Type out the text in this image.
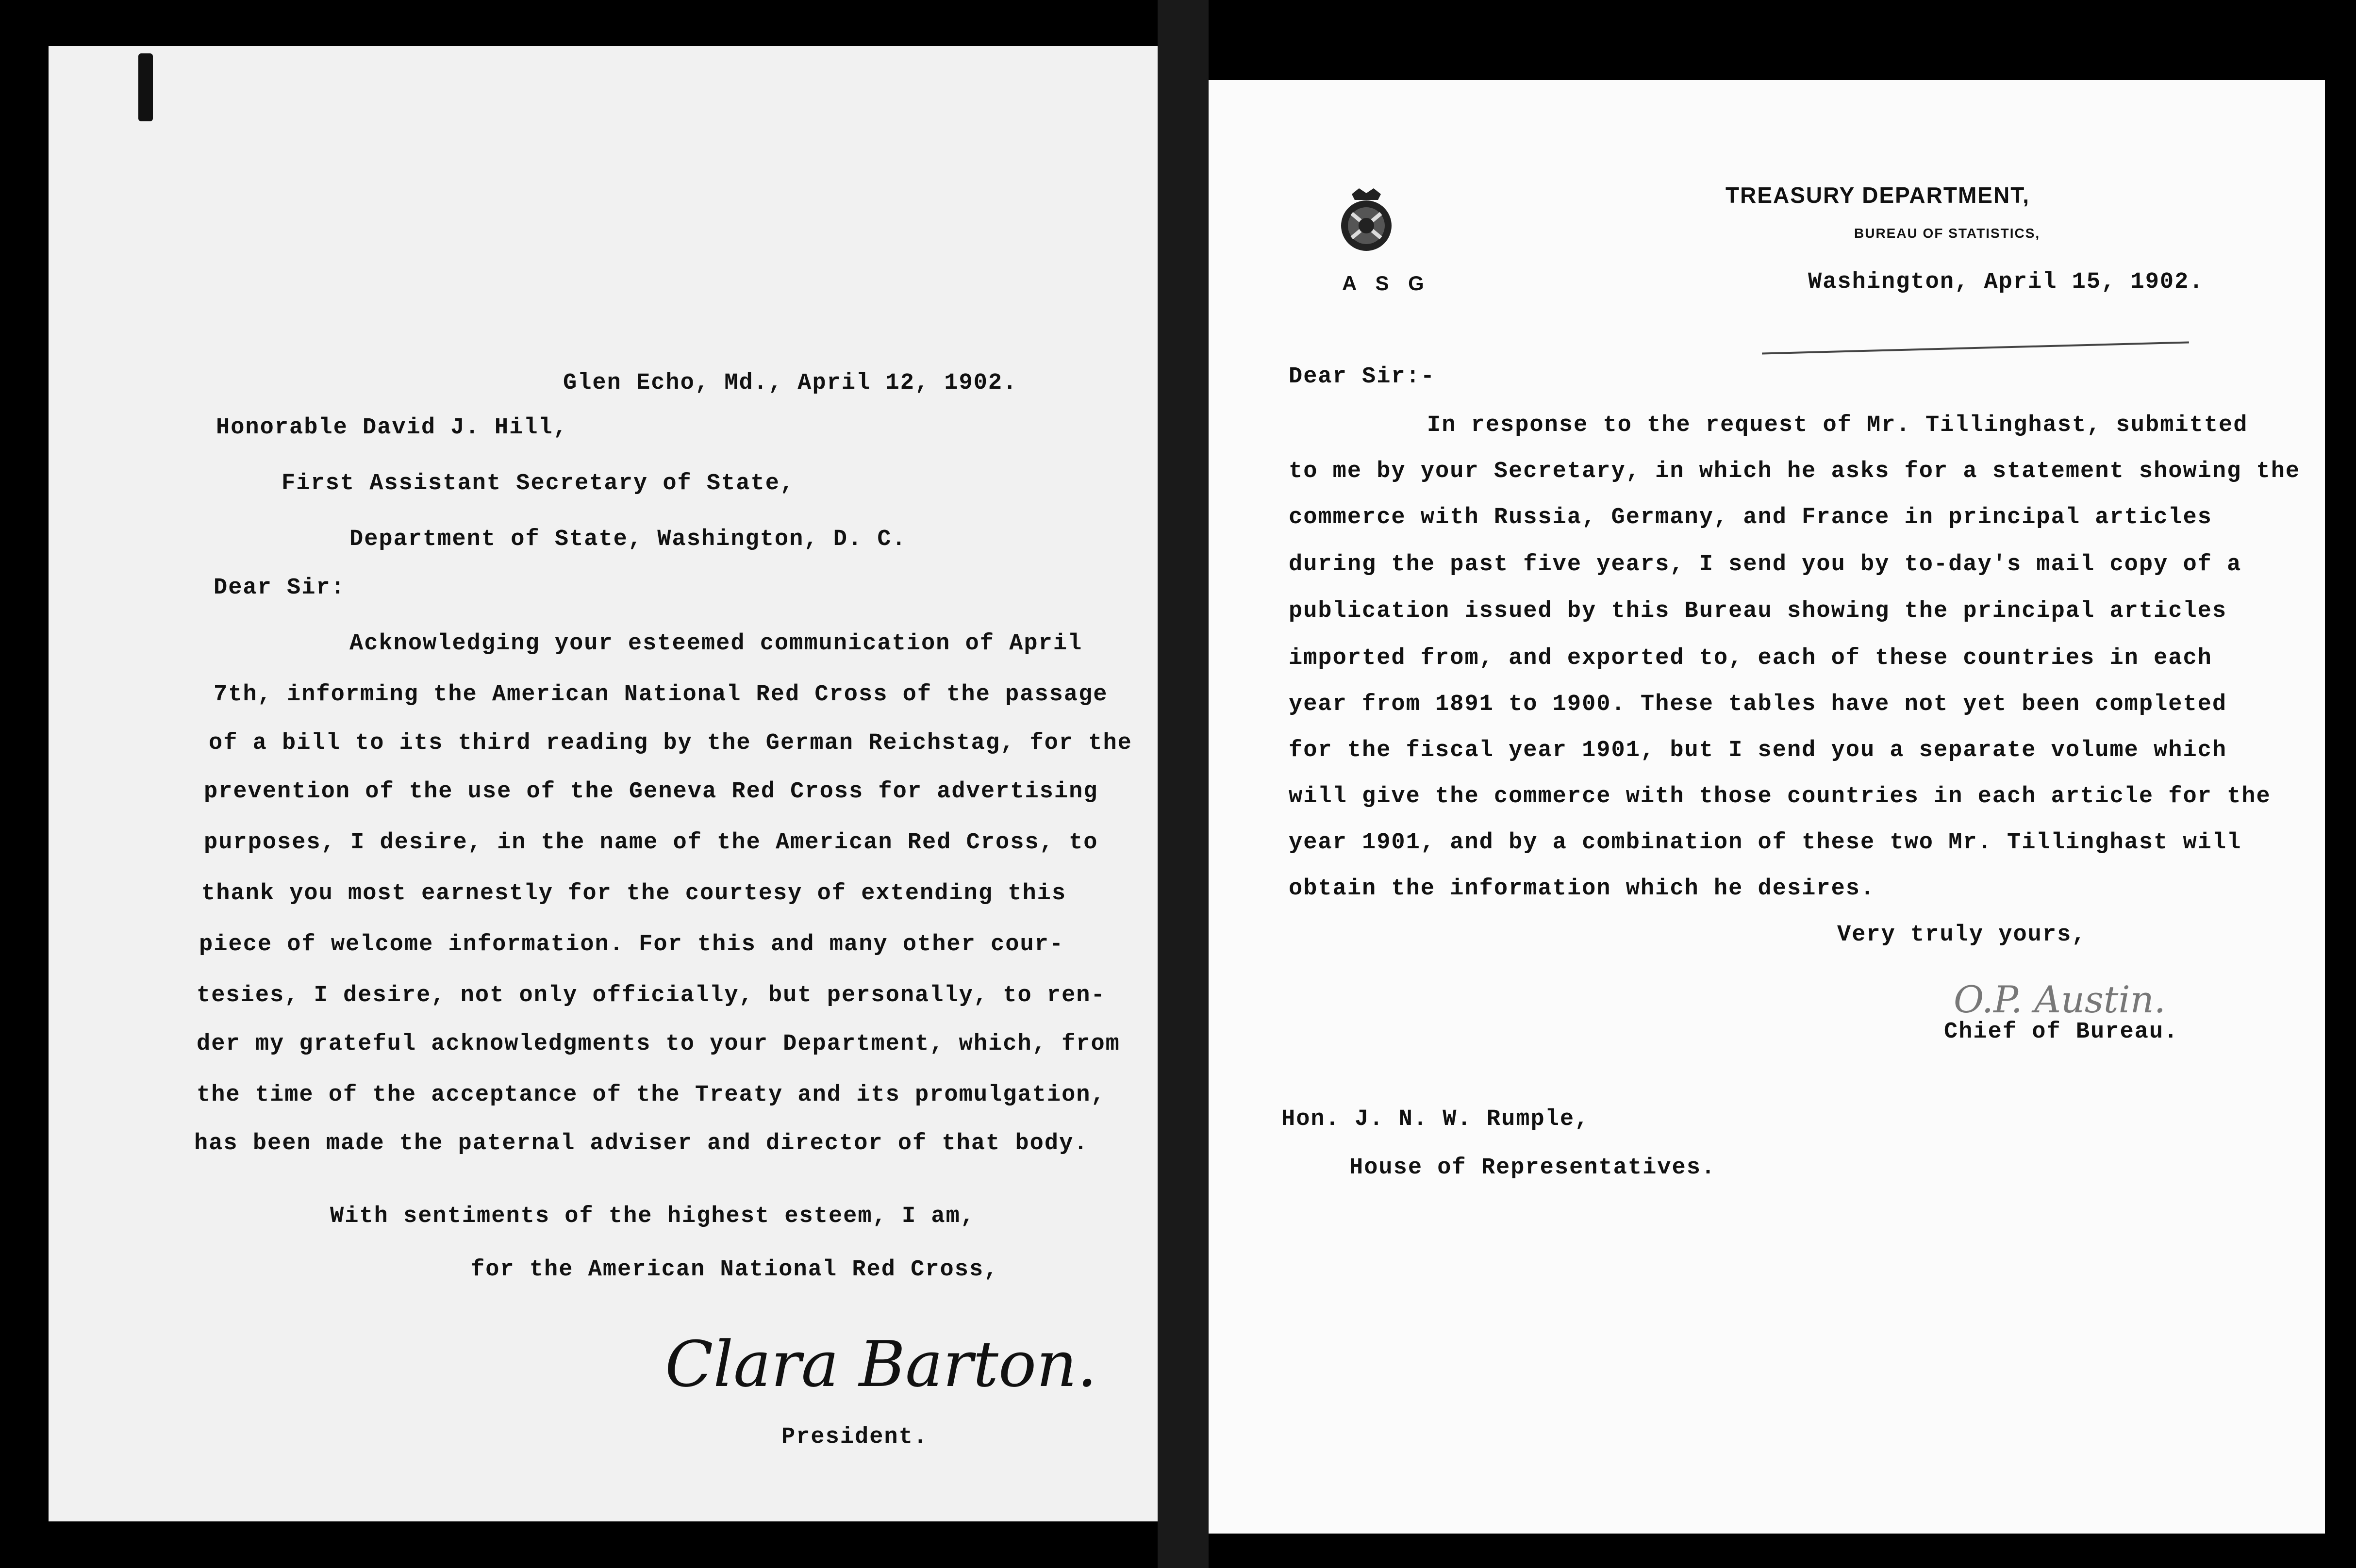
Glen Echo, Md., April 12, 1902.
Honorable David J. Hill,
First Assistant Secretary of State,
Department of State, Washington, D. C.
Dear Sir:
Acknowledging your esteemed communication of April
7th, informing the American National Red Cross of the passage
of a bill to its third reading by the German Reichstag, for the
prevention of the use of the Geneva Red Cross for advertising
purposes, I desire, in the name of the American Red Cross, to
thank you most earnestly for the courtesy of extending this
piece of welcome information. For this and many other cour-
tesies, I desire, not only officially, but personally, to ren-
der my grateful acknowledgments to your Department, which, from
the time of the acceptance of the Treaty and its promulgation,
has been made the paternal adviser and director of that body.
With sentiments of the highest esteem, I am,
for the American National Red Cross,
Clara Barton.
President.
A S G
TREASURY DEPARTMENT,
BUREAU OF STATISTICS,
Washington, April 15, 1902.
Dear Sir:-
In response to the request of Mr. Tillinghast, submitted
to me by your Secretary, in which he asks for a statement showing the
commerce with Russia, Germany, and France in principal articles
during the past five years, I send you by to-day's mail copy of a
publication issued by this Bureau showing the principal articles
imported from, and exported to, each of these countries in each
year from 1891 to 1900. These tables have not yet been completed
for the fiscal year 1901, but I send you a separate volume which
will give the commerce with those countries in each article for the
year 1901, and by a combination of these two Mr. Tillinghast will
obtain the information which he desires.
Very truly yours,
O.P. Austin.
Chief of Bureau.
Hon. J. N. W. Rumple,
House of Representatives.
